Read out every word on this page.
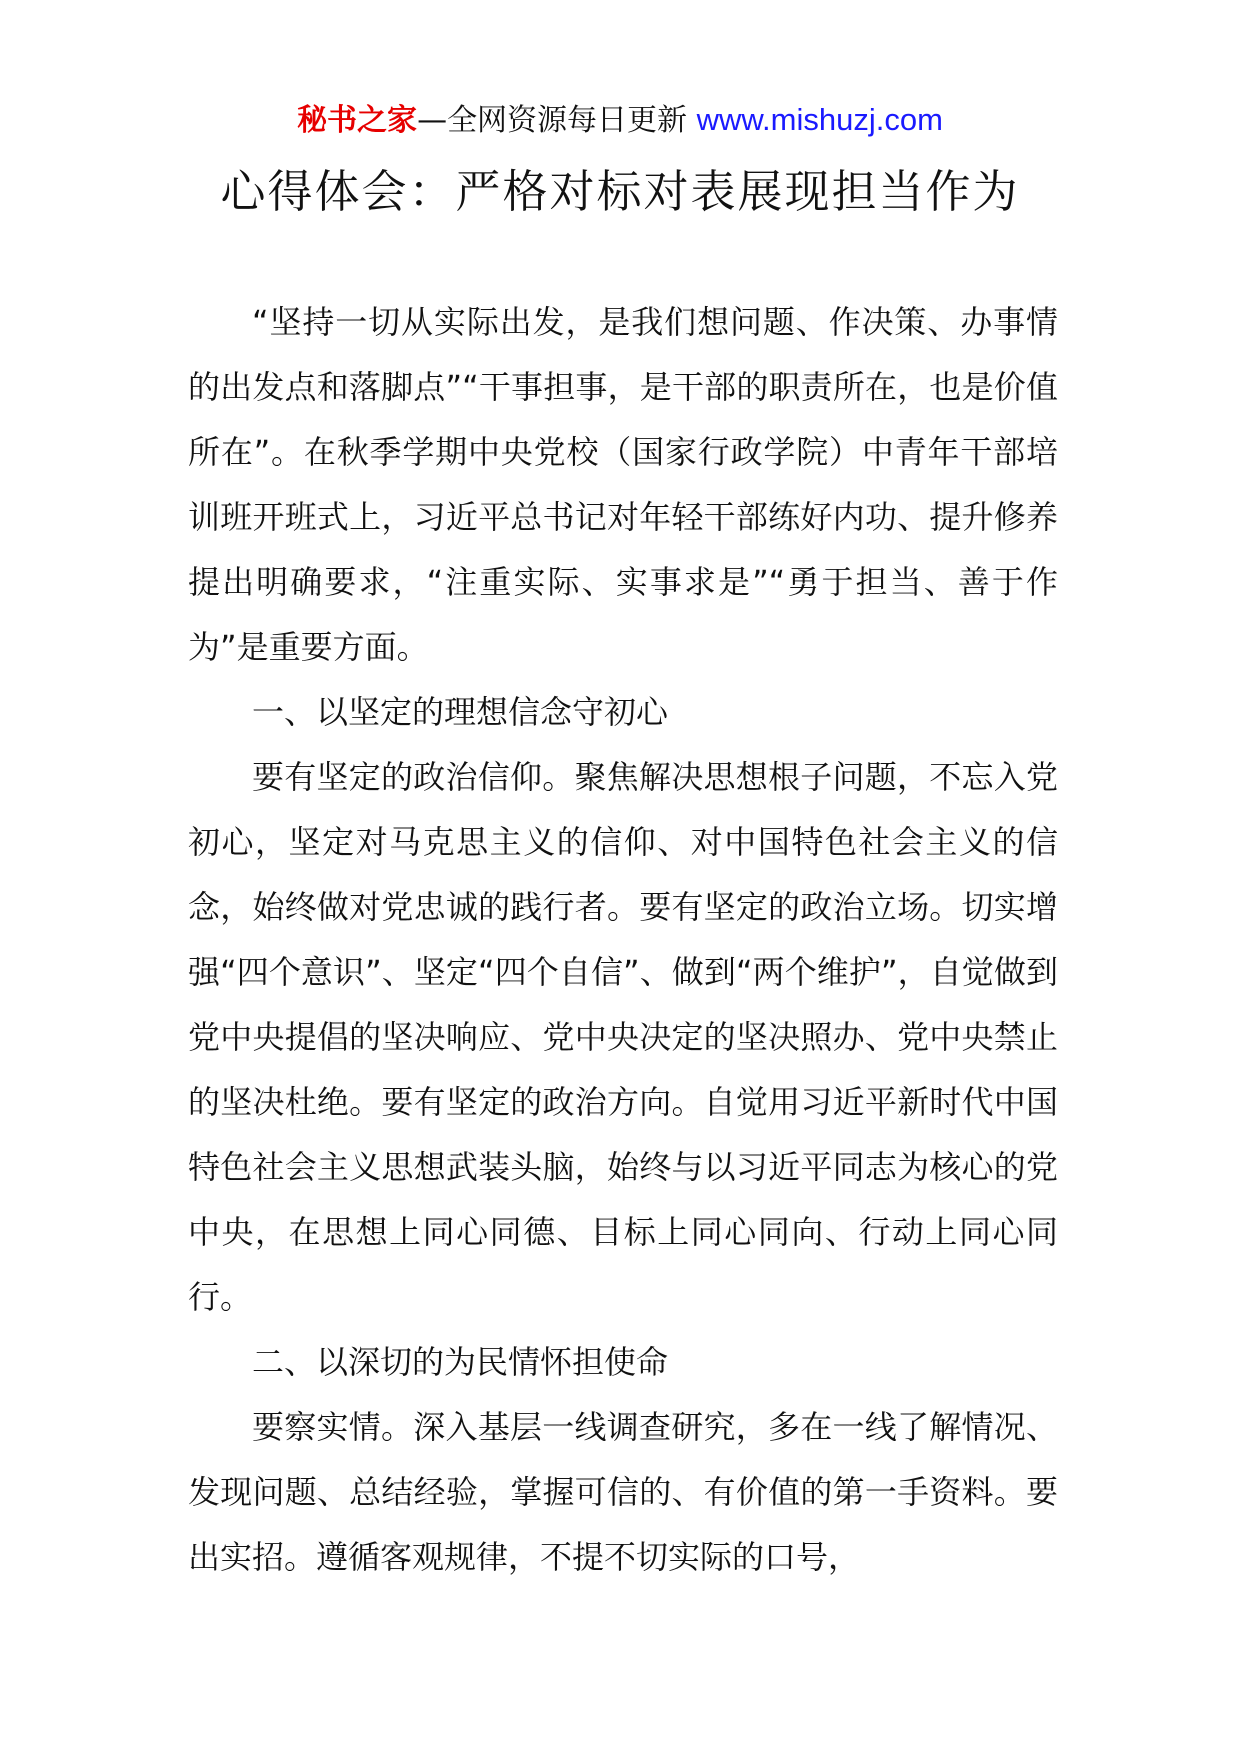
秘书之家—全网资源每日更新 www.mishuzj.com
心得体会：严格对标对表展现担当作为

“坚持一切从实际出发，是我们想问题、作决策、办事情的出发点和落脚点”“干事担事，是干部的职责所在，也是价值所在”。在秋季学期中央党校（国家行政学院）中青年干部培训班开班式上，习近平总书记对年轻干部练好内功、提升修养提出明确要求，“注重实际、实事求是”“勇于担当、善于作为”是重要方面。

一、以坚定的理想信念守初心

要有坚定的政治信仰。聚焦解决思想根子问题，不忘入党初心，坚定对马克思主义的信仰、对中国特色社会主义的信念，始终做对党忠诚的践行者。要有坚定的政治立场。切实增强“四个意识”、坚定“四个自信”、做到“两个维护”，自觉做到党中央提倡的坚决响应、党中央决定的坚决照办、党中央禁止的坚决杜绝。要有坚定的政治方向。自觉用习近平新时代中国特色社会主义思想武装头脑，始终与以习近平同志为核心的党中央，在思想上同心同德、目标上同心同向、行动上同心同行。

二、以深切的为民情怀担使命

要察实情。深入基层一线调查研究，多在一线了解情况、发现问题、总结经验，掌握可信的、有价值的第一手资料。要出实招。遵循客观规律，不提不切实际的口号，
